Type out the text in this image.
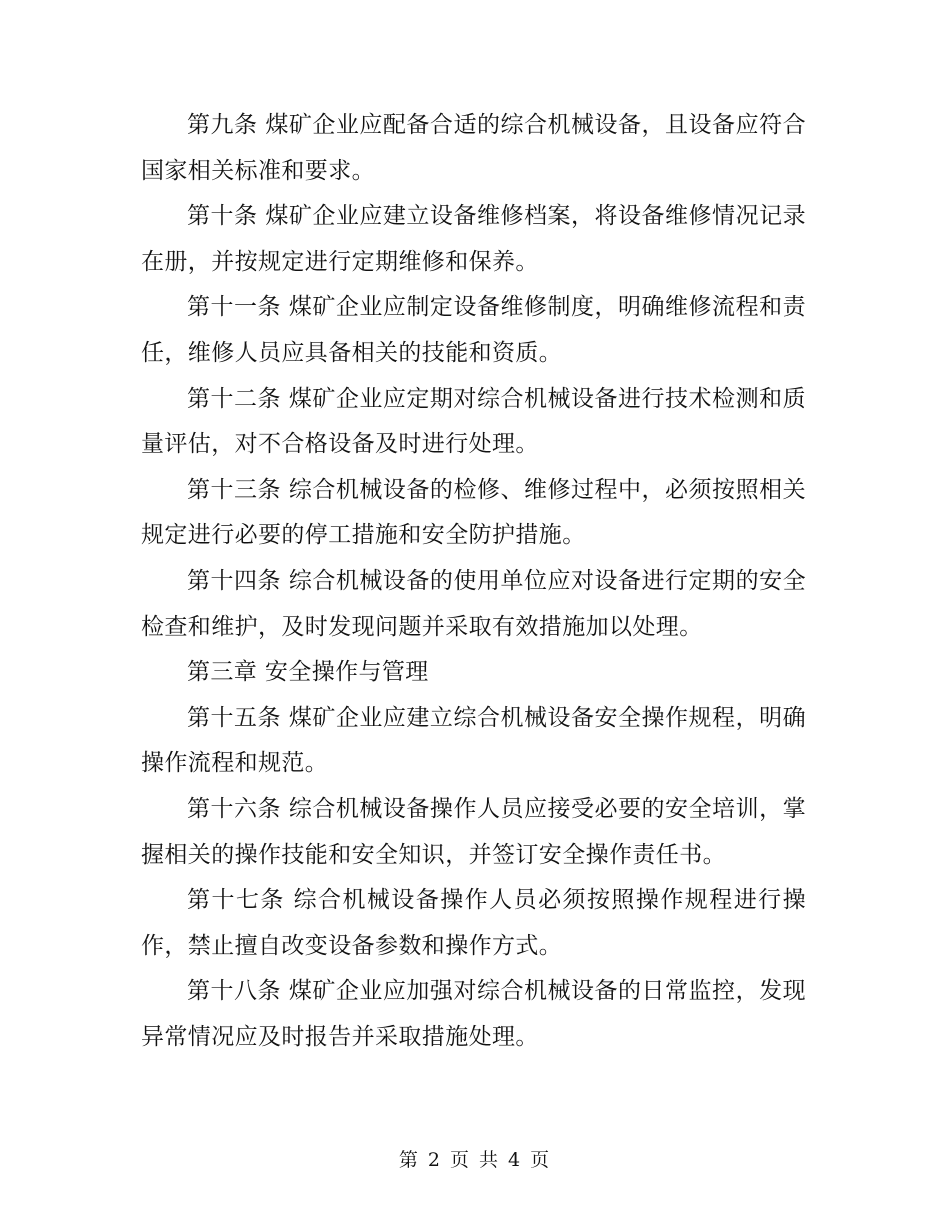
第九条 煤矿企业应配备合适的综合机械设备，且设备应符合国家相关标准和要求。

第十条 煤矿企业应建立设备维修档案，将设备维修情况记录在册，并按规定进行定期维修和保养。

第十一条 煤矿企业应制定设备维修制度，明确维修流程和责任，维修人员应具备相关的技能和资质。

第十二条 煤矿企业应定期对综合机械设备进行技术检测和质量评估，对不合格设备及时进行处理。

第十三条 综合机械设备的检修、维修过程中，必须按照相关规定进行必要的停工措施和安全防护措施。

第十四条 综合机械设备的使用单位应对设备进行定期的安全检查和维护，及时发现问题并采取有效措施加以处理。

第三章 安全操作与管理

第十五条 煤矿企业应建立综合机械设备安全操作规程，明确操作流程和规范。

第十六条 综合机械设备操作人员应接受必要的安全培训，掌握相关的操作技能和安全知识，并签订安全操作责任书。

第十七条 综合机械设备操作人员必须按照操作规程进行操作，禁止擅自改变设备参数和操作方式。

第十八条 煤矿企业应加强对综合机械设备的日常监控，发现异常情况应及时报告并采取措施处理。

第 2 页 共 4 页
